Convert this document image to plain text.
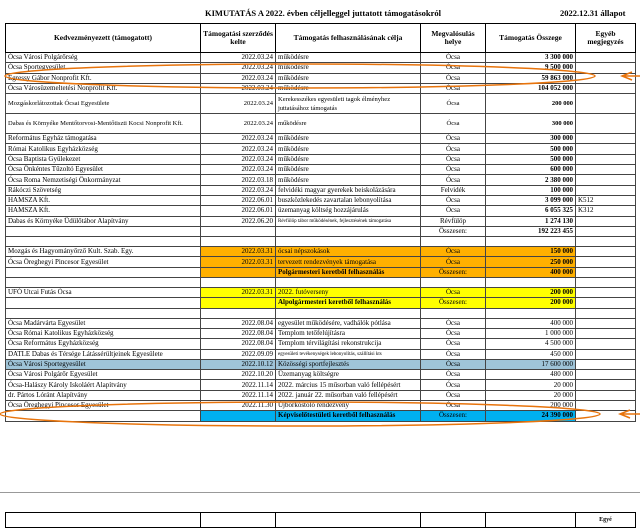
KIMUTATÁS A 2022. évben céljelleggel juttatott támogatásokról	2022.12.31 állapot
Kedvezményezett (támogatott)	Támogatási szerződés kelte	Támogatás felhasználásának célja	Megvalósulás helye	Támogatás Összege	Egyéb megjegyzés
Ócsa Városi Polgárőrség	2022.03.24	működésre	Ócsa	3 300 000	
Ócsa Sportegyesület	2022.03.24	működésre	Ócsa	9 500 000	
Egressy Gábor Nonprofit Kft.	2022.03.24	működésre	Ócsa	59 863 000	
Ócsa Városüzemeltetési Nonprofit Kft.	2022.03.24	működésre	Ócsa	104 052 000	
Mozgáskorlátozottak Ócsai Egyesülete	2022.03.24	Kerekesszékes egyesületi tagok élményhez juttatásához támogatás	Ócsa	200 000	
Dabas és Környéke Mentőtorvosi-Mentőtiszti Kocsi Nonprofit Kft.	2022.03.24	működésre	Ócsa	300 000	
Református Egyház támogatása	2022.03.24	működésre	Ócsa	300 000	
Római Katolikus Egyházközség	2022.03.24	működésre	Ócsa	500 000	
Ócsa Baptista Gyülekezet	2022.03.24	működésre	Ócsa	500 000	
Ócsa Önkéntes Tűzoltó Egyesület	2022.03.24	működésre	Ócsa	600 000	
Ócsa Roma Nemzetiségi Önkormányzat	2022.03.18	működésre	Ócsa	2 380 000	
Rákóczi Szövetség	2022.03.24	felvidéki magyar gyerekek beiskolázására	Felvidék	100 000	
HAMSZA Kft.	2022.06.01	buszközlekedés zavartalan lebonyolítása	Ócsa	3 099 000	K512
HAMSZA Kft.	2022.06.01	üzemanyag költség hozzájárulás	Ócsa	6 055 325	K312
Dabas és Környéke Üdülőtábor Alapítvány	2022.06.20	Révfülöp tábor működésének, fejlesztésének támogatása	Révfülöp	1 274 130	
			Összesen:	192 223 455	

Mozgás és Hagyományőrző Kult. Szab. Egy.	2022.03.31	ócsai népszokások	Ócsa	150 000	
Ócsa Öreghegyi Pincesor Egyesület	2022.03.31	tervezett rendezvények támogatása	Ócsa	250 000	
		Polgármesteri keretből felhasználás	Összesen:	400 000	

UFÓ Utcai Futás Ócsa	2022.03.31	2022. futóverseny	Ócsa	200 000	
		Alpolgármesteri keretből felhasználás	Összesen:	200 000	

Ócsa Madárvárta Egyesület	2022.08.04	egyesület működésére, vadhálók pótlása	Ócsa	400 000	
Ócsa Római Katolikus Egyházközség	2022.08.04	Templom tetőfelújításra	Ócsa	1 000 000	
Ócsa Református Egyházközség	2022.08.04	Templom térvilágítási rekonstrukcija	Ócsa	4 500 000	
DATLE Dabas és Térsége Látássérültjeinek Egyesülete	2022.09.09	egyesületi tevékenységek lebonyolítás, szállítási kts	Ócsa	450 000	
Ócsa Városi Sportegyesület	2022.10.12	Közösségi sportfejlesztés	Ócsa	17 600 000	
Ócsa Városi Polgárőr Egyesület	2022.10.20	Üzemanyag költségre	Ócsa	480 000	
Ócsa-Halászy Károly Iskoláért Alapítvány	2022.11.14	2022. március 15 műsorban való fellépésért	Ócsa	20 000	
dr. Pártos Lóránt Alapítvány	2022.11.14	2022. január 22. műsorban való fellépésért	Ócsa	20 000	
Ócsa Öreghegyi Pincesor Egyesület	2022.11.30	Újborkóstoló rendezvény	Ócsa	200 000	
		Képviselőtestületi keretből felhasználás	Összesen:	24 390 000	
					Egyé
